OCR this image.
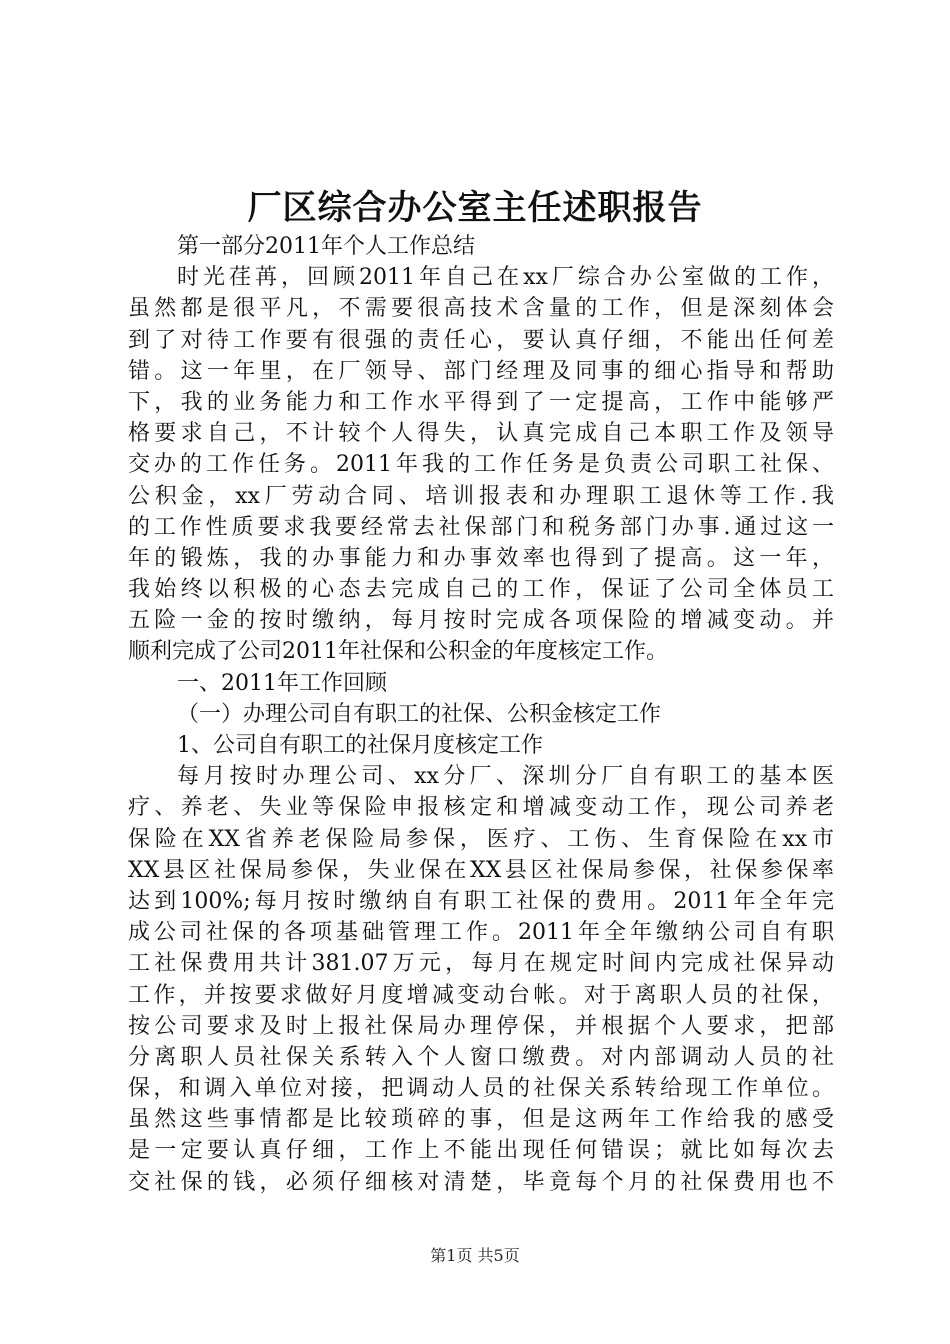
厂区综合办公室主任述职报告
第一部分2011年个人工作总结
时光荏苒，回顾2011年自己在xx厂综合办公室做的工作，
虽然都是很平凡，不需要很高技术含量的工作，但是深刻体会
到了对待工作要有很强的责任心，要认真仔细，不能出任何差
错。这一年里，在厂领导、部门经理及同事的细心指导和帮助
下，我的业务能力和工作水平得到了一定提高，工作中能够严
格要求自己，不计较个人得失，认真完成自己本职工作及领导
交办的工作任务。2011年我的工作任务是负责公司职工社保、
公积金，xx厂劳动合同、培训报表和办理职工退休等工作.我
的工作性质要求我要经常去社保部门和税务部门办事.通过这一
年的锻炼，我的办事能力和办事效率也得到了提高。这一年，
我始终以积极的心态去完成自己的工作，保证了公司全体员工
五险一金的按时缴纳，每月按时完成各项保险的增减变动。并
顺利完成了公司2011年社保和公积金的年度核定工作。
一、2011年工作回顾
（一）办理公司自有职工的社保、公积金核定工作
1、公司自有职工的社保月度核定工作
每月按时办理公司、xx分厂、深圳分厂自有职工的基本医
疗、养老、失业等保险申报核定和增减变动工作，现公司养老
保险在XX省养老保险局参保，医疗、工伤、生育保险在xx市
XX县区社保局参保，失业保在XX县区社保局参保，社保参保率
达到100%;每月按时缴纳自有职工社保的费用。2011年全年完
成公司社保的各项基础管理工作。2011年全年缴纳公司自有职
工社保费用共计381.07万元，每月在规定时间内完成社保异动
工作，并按要求做好月度增减变动台帐。对于离职人员的社保，
按公司要求及时上报社保局办理停保，并根据个人要求，把部
分离职人员社保关系转入个人窗口缴费。对内部调动人员的社
保，和调入单位对接，把调动人员的社保关系转给现工作单位。
虽然这些事情都是比较琐碎的事，但是这两年工作给我的感受
是一定要认真仔细，工作上不能出现任何错误；就比如每次去
交社保的钱，必须仔细核对清楚，毕竟每个月的社保费用也不
第1页 共5页
